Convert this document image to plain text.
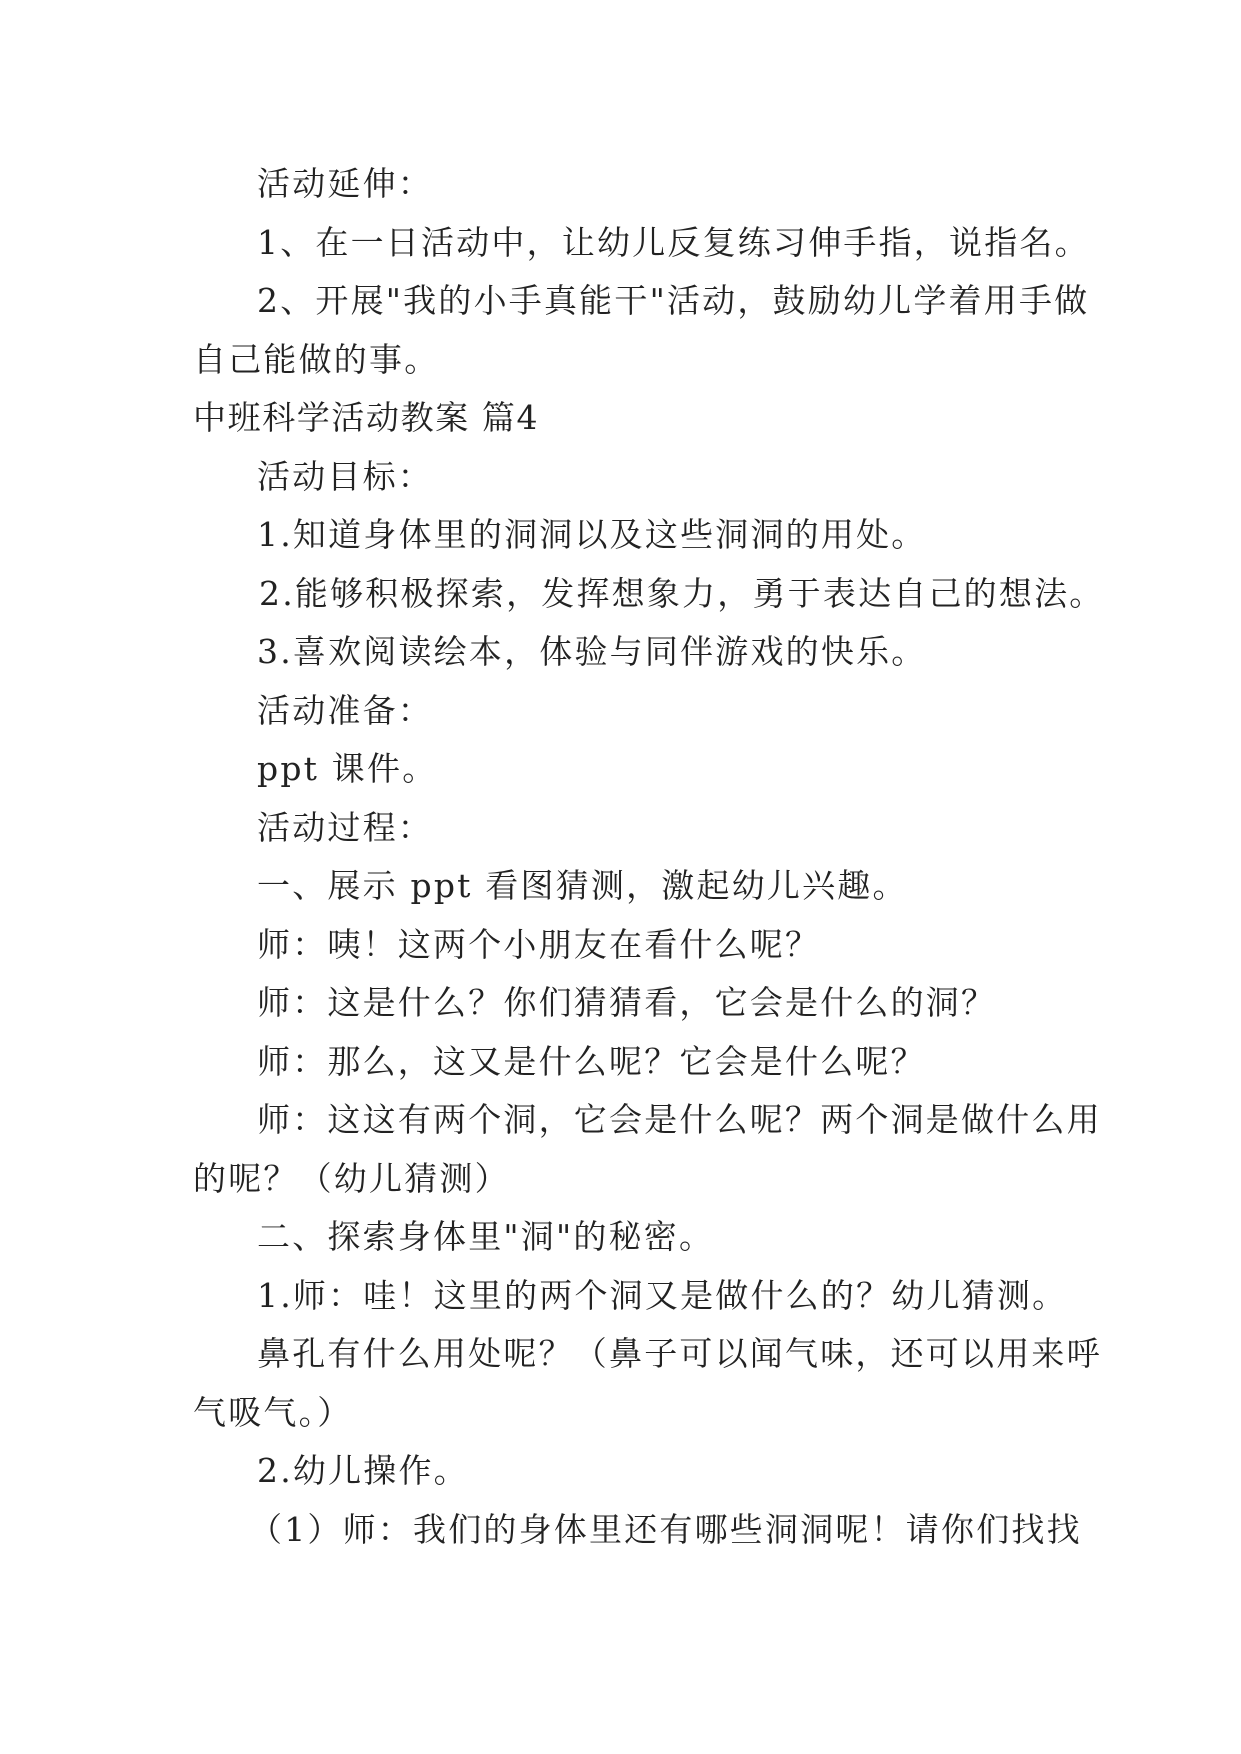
活动延伸：
1、在一日活动中，让幼儿反复练习伸手指，说指名。
2、开展"我的小手真能干"活动，鼓励幼儿学着用手做
自己能做的事。
中班科学活动教案 篇4
活动目标：
1.知道身体里的洞洞以及这些洞洞的用处。
2.能够积极探索，发挥想象力，勇于表达自己的想法。
3.喜欢阅读绘本，体验与同伴游戏的快乐。
活动准备：
ppt 课件。
活动过程：
一、展示 ppt 看图猜测，激起幼儿兴趣。
师：咦！这两个小朋友在看什么呢？
师：这是什么？你们猜猜看，它会是什么的洞？
师：那么，这又是什么呢？它会是什么呢？
师：这这有两个洞，它会是什么呢？两个洞是做什么用
的呢？（幼儿猜测）
二、探索身体里"洞"的秘密。
1.师：哇！这里的两个洞又是做什么的？幼儿猜测。
鼻孔有什么用处呢？（鼻子可以闻气味，还可以用来呼
气吸气。）
2.幼儿操作。
（1）师：我们的身体里还有哪些洞洞呢！请你们找找
